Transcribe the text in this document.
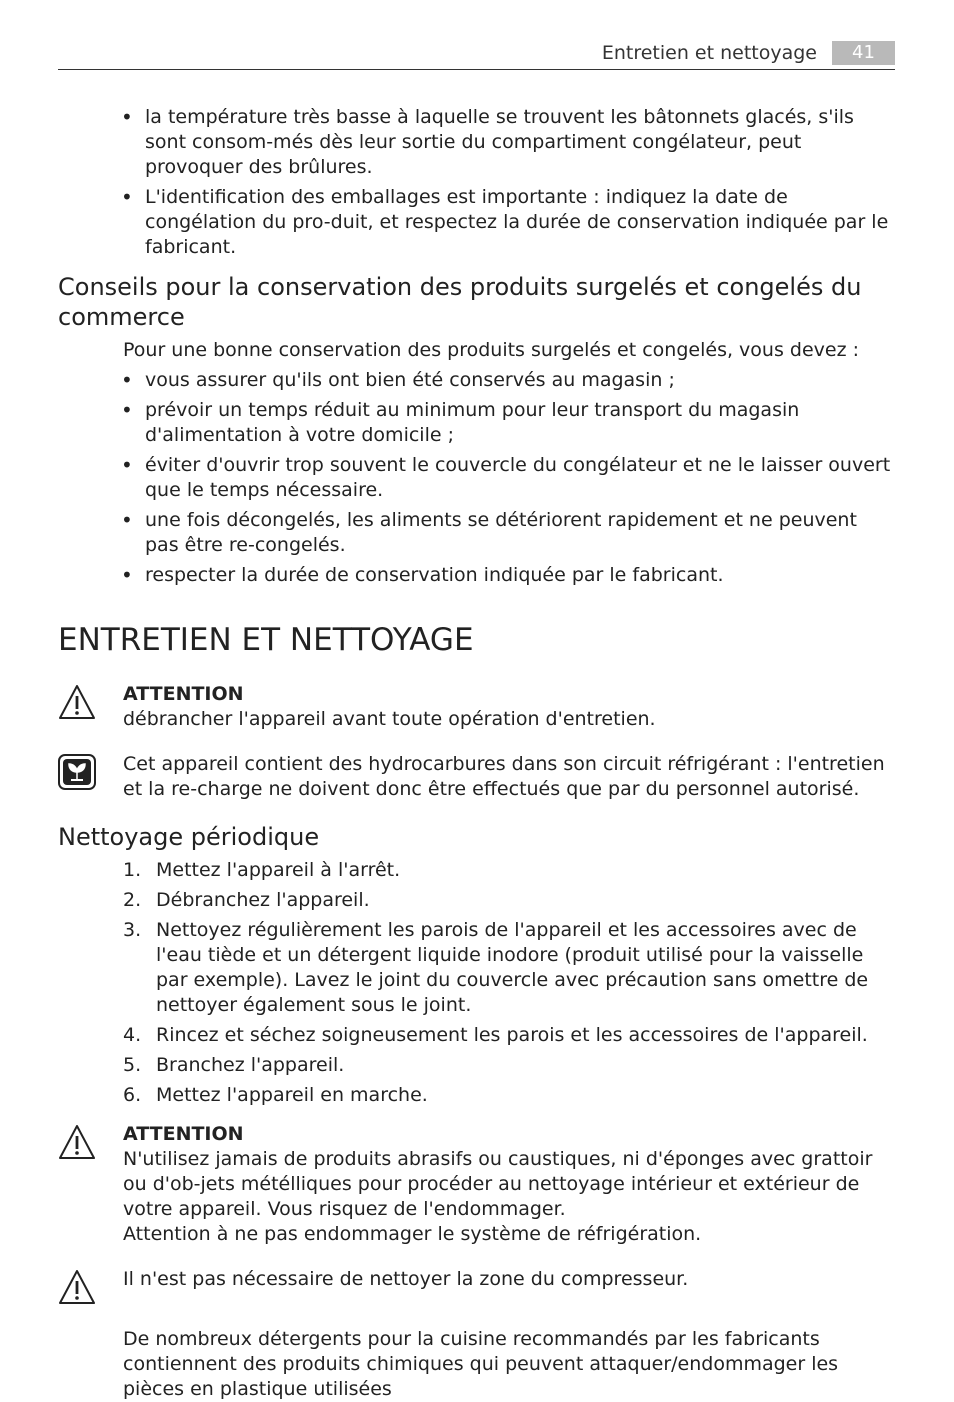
Entretien et nettoyage	41
• la température très basse à laquelle se trouvent les bâtonnets glacés, s'ils sont consom-més dès leur sortie du compartiment congélateur, peut provoquer des brûlures.
• L'identification des emballages est importante : indiquez la date de congélation du pro-duit, et respectez la durée de conservation indiquée par le fabricant.
Conseils pour la conservation des produits surgelés et congelés du commerce

Pour une bonne conservation des produits surgelés et congelés, vous devez :

• vous assurer qu'ils ont bien été conservés au magasin ;
• prévoir un temps réduit au minimum pour leur transport du magasin d'alimentation à votre domicile ;
• éviter d'ouvrir trop souvent le couvercle du congélateur et ne le laisser ouvert que le temps nécessaire.
• une fois décongelés, les aliments se détériorent rapidement et ne peuvent pas être re-congelés.
• respecter la durée de conservation indiquée par le fabricant.
ENTRETIEN ET NETTOYAGE
ATTENTION
débrancher l'appareil avant toute opération d'entretien.
Cet appareil contient des hydrocarbures dans son circuit réfrigérant : l'entretien et la re-charge ne doivent donc être effectués que par du personnel autorisé.
Nettoyage périodique
1. Mettez l'appareil à l'arrêt.
2. Débranchez l'appareil.
3. Nettoyez régulièrement les parois de l'appareil et les accessoires avec de l'eau tiède et un détergent liquide inodore (produit utilisé pour la vaisselle par exemple). Lavez le joint du couvercle avec précaution sans omettre de nettoyer également sous le joint.
4. Rincez et séchez soigneusement les parois et les accessoires de l'appareil.
5. Branchez l'appareil.
6. Mettez l'appareil en marche.
ATTENTION
N'utilisez jamais de produits abrasifs ou caustiques, ni d'éponges avec grattoir ou d'ob-jets métélliques pour procéder au nettoyage intérieur et extérieur de votre appareil. Vous risquez de l'endommager.
Attention à ne pas endommager le système de réfrigération.
Il n'est pas nécessaire de nettoyer la zone du compresseur.

De nombreux détergents pour la cuisine recommandés par les fabricants contiennent des produits chimiques qui peuvent attaquer/endommager les pièces en plastique utilisées
